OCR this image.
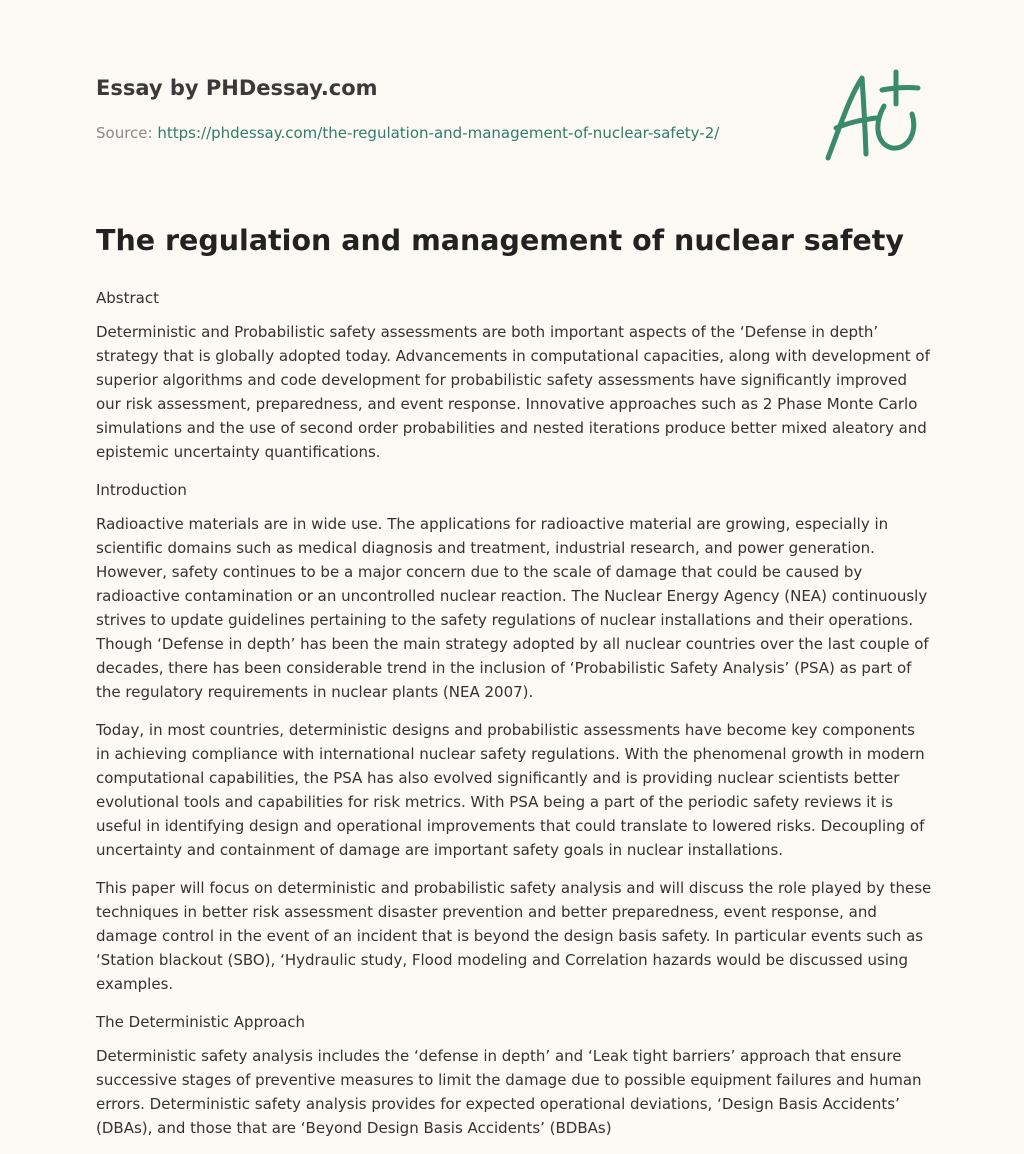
Essay by PHDessay.com
Source: https://phdessay.com/the-regulation-and-management-of-nuclear-safety-2/
The regulation and management of nuclear safety

Abstract

Deterministic and Probabilistic safety assessments are both important aspects of the ‘Defense in depth’ strategy that is globally adopted today. Advancements in computational capacities, along with development of superior algorithms and code development for probabilistic safety assessments have significantly improved our risk assessment, preparedness, and event response. Innovative approaches such as 2 Phase Monte Carlo simulations and the use of second order probabilities and nested iterations produce better mixed aleatory and epistemic uncertainty quantifications.

Introduction

Radioactive materials are in wide use. The applications for radioactive material are growing, especially in scientific domains such as medical diagnosis and treatment, industrial research, and power generation. However, safety continues to be a major concern due to the scale of damage that could be caused by radioactive contamination or an uncontrolled nuclear reaction. The Nuclear Energy Agency (NEA) continuously strives to update guidelines pertaining to the safety regulations of nuclear installations and their operations. Though ‘Defense in depth’ has been the main strategy adopted by all nuclear countries over the last couple of decades, there has been considerable trend in the inclusion of ‘Probabilistic Safety Analysis’ (PSA) as part of the regulatory requirements in nuclear plants (NEA 2007).

Today, in most countries, deterministic designs and probabilistic assessments have become key components in achieving compliance with international nuclear safety regulations. With the phenomenal growth in modern computational capabilities, the PSA has also evolved significantly and is providing nuclear scientists better evolutional tools and capabilities for risk metrics. With PSA being a part of the periodic safety reviews it is useful in identifying design and operational improvements that could translate to lowered risks. Decoupling of uncertainty and containment of damage are important safety goals in nuclear installations.

This paper will focus on deterministic and probabilistic safety analysis and will discuss the role played by these techniques in better risk assessment disaster prevention and better preparedness, event response, and damage control in the event of an incident that is beyond the design basis safety. In particular events such as ‘Station blackout (SBO), ‘Hydraulic study, Flood modeling and Correlation hazards would be discussed using examples.

The Deterministic Approach

Deterministic safety analysis includes the ‘defense in depth’ and ‘Leak tight barriers’ approach that ensure successive stages of preventive measures to limit the damage due to possible equipment failures and human errors. Deterministic safety analysis provides for expected operational deviations, ‘Design Basis Accidents’ (DBAs), and those that are ‘Beyond Design Basis Accidents’ (BDBAs)
